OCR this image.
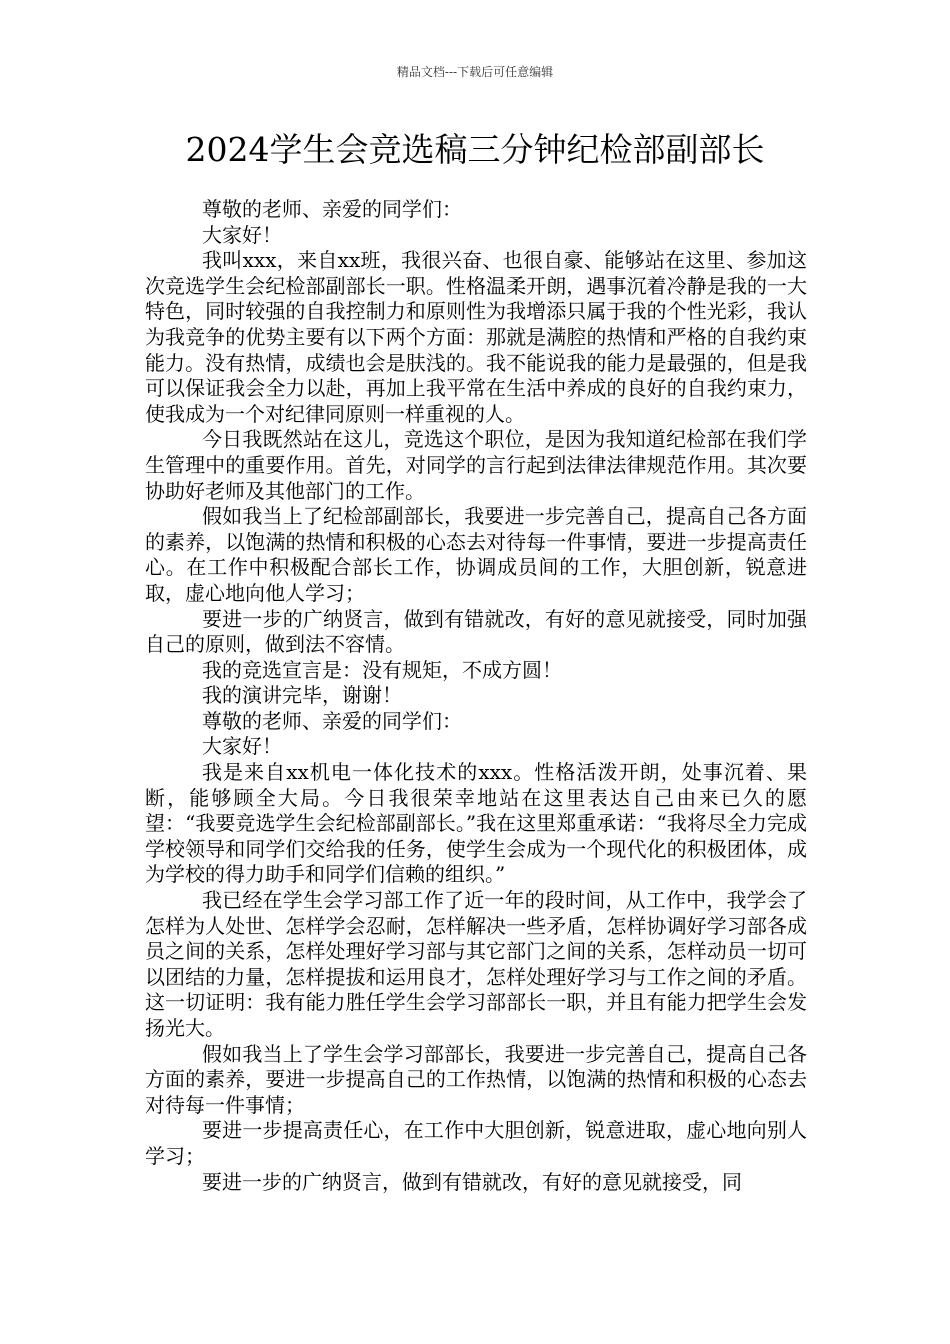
精品文档---下载后可任意编辑
2024学生会竞选稿三分钟纪检部副部长

尊敬的老师、亲爱的同学们：

大家好！

我叫xxx，来自xx班，我很兴奋、也很自豪、能够站在这里、参加这次竞选学生会纪检部副部长一职。性格温柔开朗，遇事沉着冷静是我的一大特色，同时较强的自我控制力和原则性为我增添只属于我的个性光彩，我认为我竞争的优势主要有以下两个方面：那就是满腔的热情和严格的自我约束能力。没有热情，成绩也会是肤浅的。我不能说我的能力是最强的，但是我可以保证我会全力以赴，再加上我平常在生活中养成的良好的自我约束力，使我成为一个对纪律同原则一样重视的人。

今日我既然站在这儿，竞选这个职位，是因为我知道纪检部在我们学生管理中的重要作用。首先，对同学的言行起到法律法律规范作用。其次要协助好老师及其他部门的工作。

假如我当上了纪检部副部长，我要进一步完善自己，提高自己各方面的素养，以饱满的热情和积极的心态去对待每一件事情，要进一步提高责任心。在工作中积极配合部长工作，协调成员间的工作，大胆创新，锐意进取，虚心地向他人学习；

要进一步的广纳贤言，做到有错就改，有好的意见就接受，同时加强自己的原则，做到法不容情。

我的竞选宣言是：没有规矩，不成方圆！

我的演讲完毕，谢谢！

尊敬的老师、亲爱的同学们：

大家好！

我是来自xx机电一体化技术的xxx。性格活泼开朗，处事沉着、果断，能够顾全大局。今日我很荣幸地站在这里表达自己由来已久的愿望：“我要竞选学生会纪检部副部长。”我在这里郑重承诺：“我将尽全力完成学校领导和同学们交给我的任务，使学生会成为一个现代化的积极团体，成为学校的得力助手和同学们信赖的组织。”

我已经在学生会学习部工作了近一年的段时间，从工作中，我学会了怎样为人处世、怎样学会忍耐，怎样解决一些矛盾，怎样协调好学习部各成员之间的关系，怎样处理好学习部与其它部门之间的关系，怎样动员一切可以团结的力量，怎样提拔和运用良才，怎样处理好学习与工作之间的矛盾。这一切证明：我有能力胜任学生会学习部部长一职，并且有能力把学生会发扬光大。

假如我当上了学生会学习部部长，我要进一步完善自己，提高自己各方面的素养，要进一步提高自己的工作热情，以饱满的热情和积极的心态去对待每一件事情；

要进一步提高责任心，在工作中大胆创新，锐意进取，虚心地向别人学习；

要进一步的广纳贤言，做到有错就改，有好的意见就接受，同
